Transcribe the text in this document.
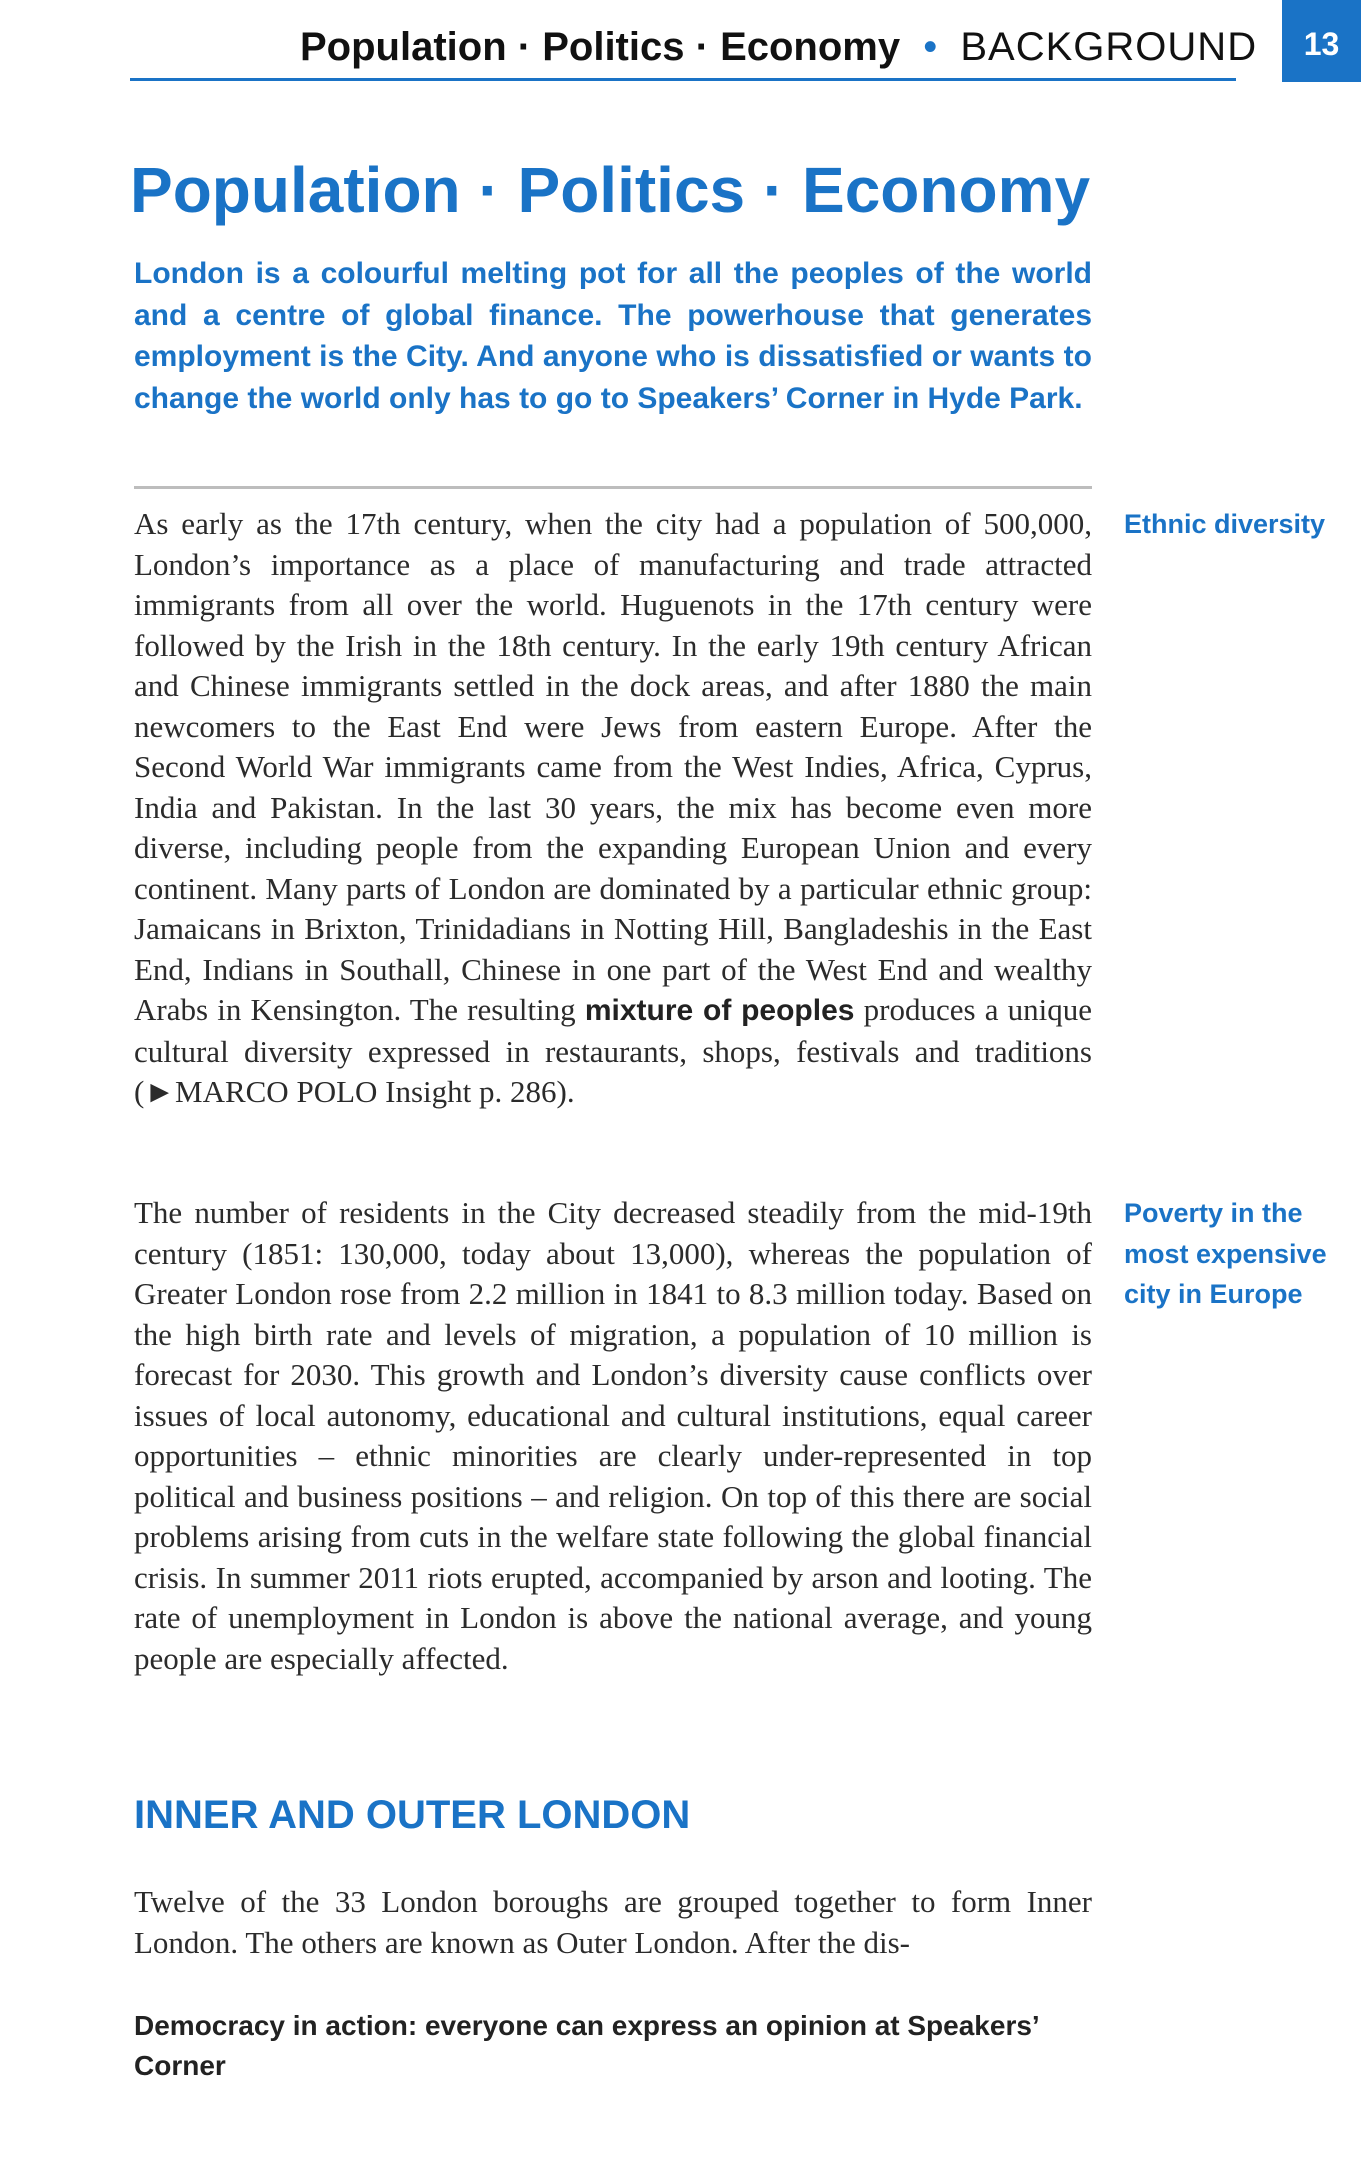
Population · Politics · Economy • BACKGROUND	13
Population · Politics · Economy

London is a colourful melting pot for all the peoples of the world and a centre of global finance. The powerhouse that generates employment is the City. And anyone who is dissatisfied or wants to change the world only has to go to Speakers’ Corner in Hyde Park.

As early as the 17th century, when the city had a population of 500,000, London’s importance as a place of manufacturing and trade attracted immigrants from all over the world. Huguenots in the 17th century were followed by the Irish in the 18th century. In the early 19th century African and Chinese immigrants settled in the dock areas, and after 1880 the main newcomers to the East End were Jews from eastern Europe. After the Second World War immigrants came from the West Indies, Africa, Cyprus, India and Pakistan. In the last 30 years, the mix has become even more diverse, including people from the expanding European Union and every continent. Many parts of London are dominated by a particular ethnic group: Jamaicans in Brixton, Trinidadians in Notting Hill, Bangladeshis in the East End, Indians in Southall, Chinese in one part of the West End and wealthy Arabs in Kensington. The resulting mixture of peoples produces a unique cultural diversity expressed in restaurants, shops, festivals and traditions (►MARCO POLO Insight p. 286).

Ethnic diversity

The number of residents in the City decreased steadily from the mid-19th century (1851: 130,000, today about 13,000), whereas the population of Greater London rose from 2.2 million in 1841 to 8.3 million today. Based on the high birth rate and levels of migration, a population of 10 million is forecast for 2030. This growth and London’s diversity cause conflicts over issues of local autonomy, educational and cultural institutions, equal career opportunities – ethnic minorities are clearly under-represented in top political and business positions – and religion. On top of this there are social problems arising from cuts in the welfare state following the global financial crisis. In summer 2011 riots erupted, accompanied by arson and looting. The rate of unemployment in London is above the national average, and young people are especially affected.

Poverty in the most expensive city in Europe
INNER AND OUTER LONDON

Twelve of the 33 London boroughs are grouped together to form Inner London. The others are known as Outer London. After the dis-

Democracy in action: everyone can express an opinion at Speakers’ Corner
